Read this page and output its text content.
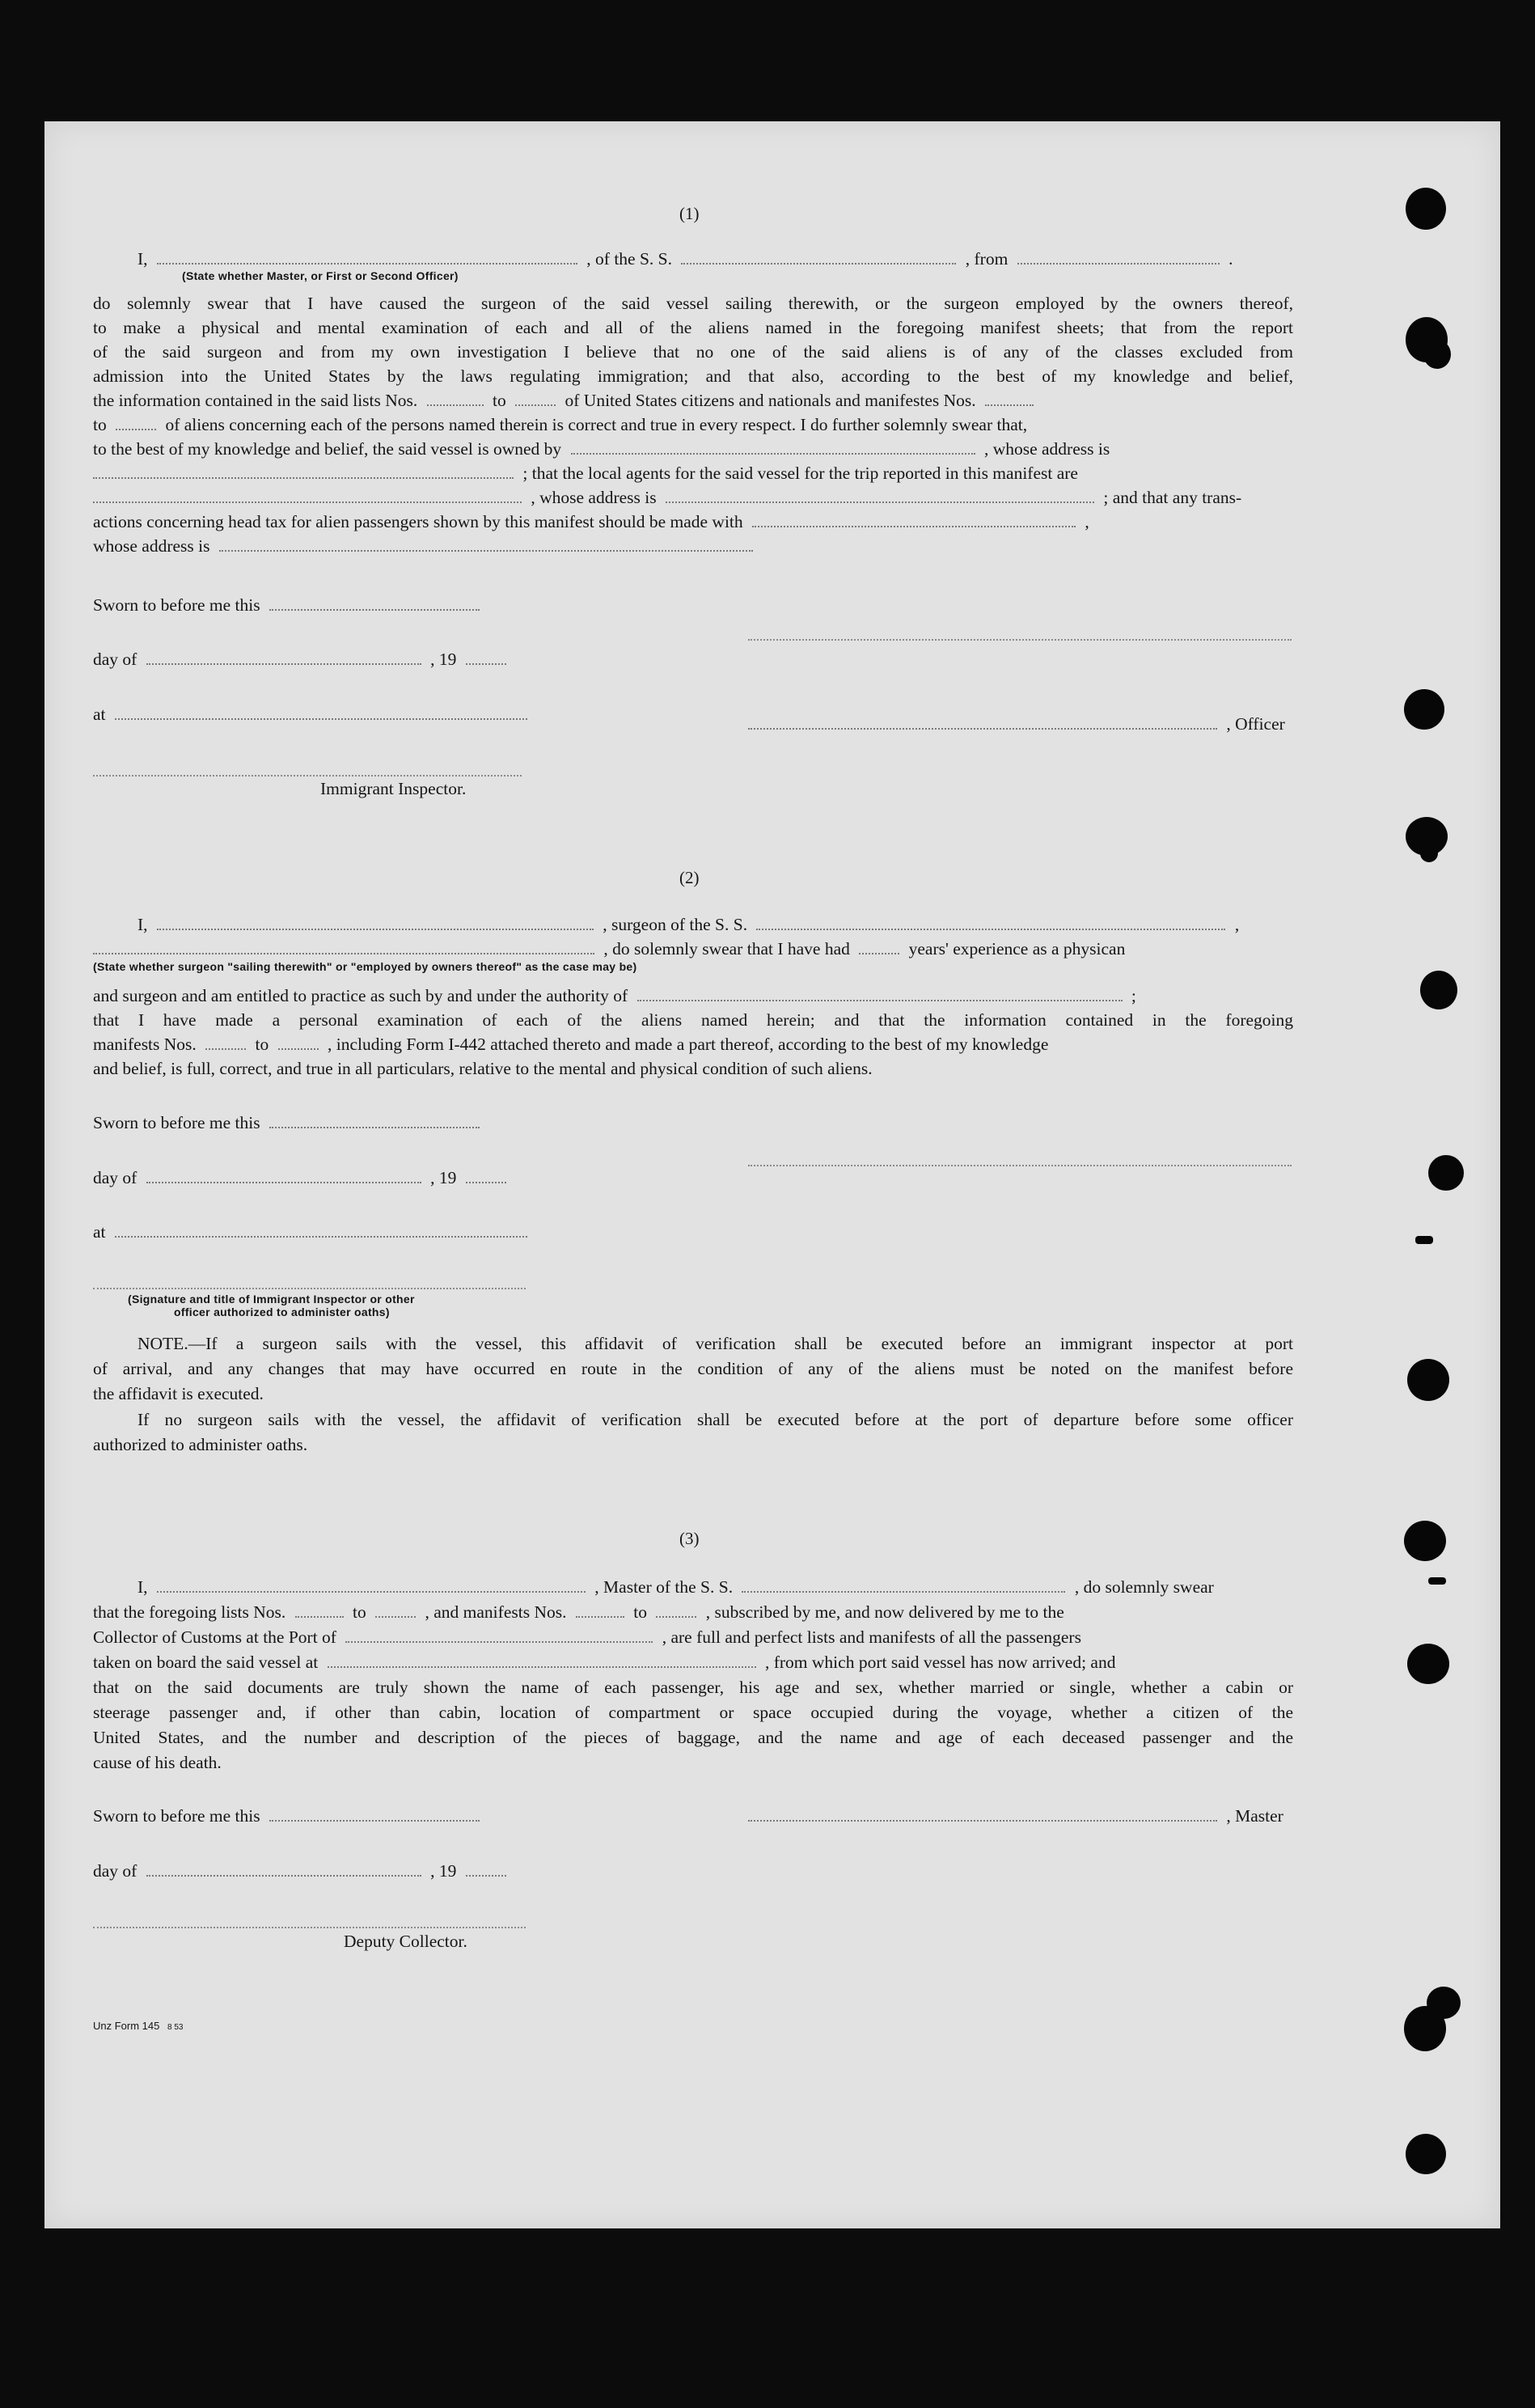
(1)
I,	, of the S. S.	, from	.
(State whether Master, or First or Second Officer)
do solemnly swear that I have caused the surgeon of the said vessel sailing therewith, or the surgeon employed by the owners thereof,
to make a physical and mental examination of each and all of the aliens named in the foregoing manifest sheets; that from the report
of the said surgeon and from my own investigation I believe that no one of the said aliens is of any of the classes excluded from
admission into the United States by the laws regulating immigration; and that also, according to the best of my knowledge and belief,
the information contained in the said lists Nos.	to	of United States citizens and nationals and manifestes Nos.
to	of aliens concerning each of the persons named therein is correct and true in every respect. I do further solemnly swear that,
to the best of my knowledge and belief, the said vessel is owned by	, whose address is
; that the local agents for the said vessel for the trip reported in this manifest are
, whose address is	; and that any trans-
actions concerning head tax for alien passengers shown by this manifest should be made with	,
whose address is
Sworn to before me this
day of	, 19
at	, Officer
Immigrant Inspector.
(2)
I,	, surgeon of the S. S.	,
, do solemnly swear that I have had	years' experience as a physican
(State whether surgeon "sailing therewith" or "employed by owners thereof" as the case may be)
and surgeon and am entitled to practice as such by and under the authority of	;
that I have made a personal examination of each of the aliens named herein; and that the information contained in the foregoing
manifests Nos.	to	, including Form I-442 attached thereto and made a part thereof, according to the best of my knowledge
and belief, is full, correct, and true in all particulars, relative to the mental and physical condition of such aliens.
Sworn to before me this
day of	, 19
at
(Signature and title of Immigrant Inspector or other
officer authorized to administer oaths)
NOTE.—If a surgeon sails with the vessel, this affidavit of verification shall be executed before an immigrant inspector at port
of arrival, and any changes that may have occurred en route in the condition of any of the aliens must be noted on the manifest before
the affidavit is executed.
If no surgeon sails with the vessel, the affidavit of verification shall be executed before at the port of departure before some officer
authorized to administer oaths.
(3)
I,	, Master of the S. S.	, do solemnly swear
that the foregoing lists Nos.	to	, and manifests Nos.	to	, subscribed by me, and now delivered by me to the
Collector of Customs at the Port of	, are full and perfect lists and manifests of all the passengers
taken on board the said vessel at	, from which port said vessel has now arrived; and
that on the said documents are truly shown the name of each passenger, his age and sex, whether married or single, whether a cabin or
steerage passenger and, if other than cabin, location of compartment or space occupied during the voyage, whether a citizen of the
United States, and the number and description of the pieces of baggage, and the name and age of each deceased passenger and the
cause of his death.
Sworn to before me this	, Master
day of	, 19
Deputy Collector.
Unz Form 145 8 53
